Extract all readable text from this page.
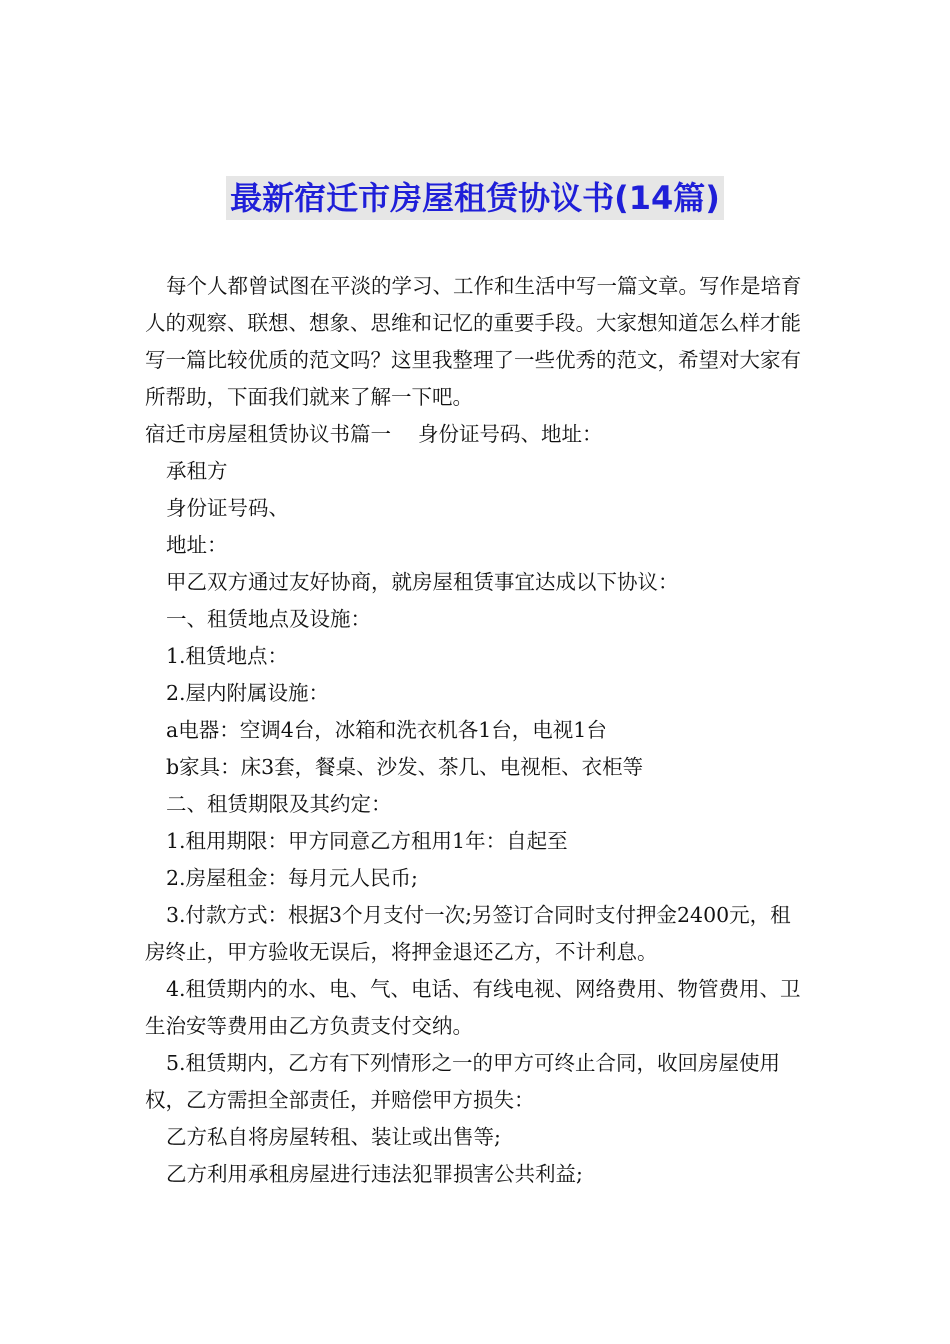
最新宿迁市房屋租赁协议书(14篇)

每个人都曾试图在平淡的学习、工作和生活中写一篇文章。写作是培育人的观察、联想、想象、思维和记忆的重要手段。大家想知道怎么样才能写一篇比较优质的范文吗？这里我整理了一些优秀的范文，希望对大家有所帮助，下面我们就来了解一下吧。

宿迁市房屋租赁协议书篇一　 身份证号码、地址：

承租方

身份证号码、

地址：

甲乙双方通过友好协商，就房屋租赁事宜达成以下协议：

一、租赁地点及设施：

1.租赁地点：

2.屋内附属设施：

a电器：空调4台，冰箱和洗衣机各1台，电视1台

b家具：床3套，餐桌、沙发、茶几、电视柜、衣柜等

二、租赁期限及其约定：

1.租用期限：甲方同意乙方租用1年：自起至

2.房屋租金：每月元人民币;

3.付款方式：根据3个月支付一次;另签订合同时支付押金2400元，租房终止，甲方验收无误后，将押金退还乙方，不计利息。

4.租赁期内的水、电、气、电话、有线电视、网络费用、物管费用、卫生治安等费用由乙方负责支付交纳。

5.租赁期内，乙方有下列情形之一的甲方可终止合同，收回房屋使用权，乙方需担全部责任，并赔偿甲方损失：

乙方私自将房屋转租、装让或出售等;

乙方利用承租房屋进行违法犯罪损害公共利益;
